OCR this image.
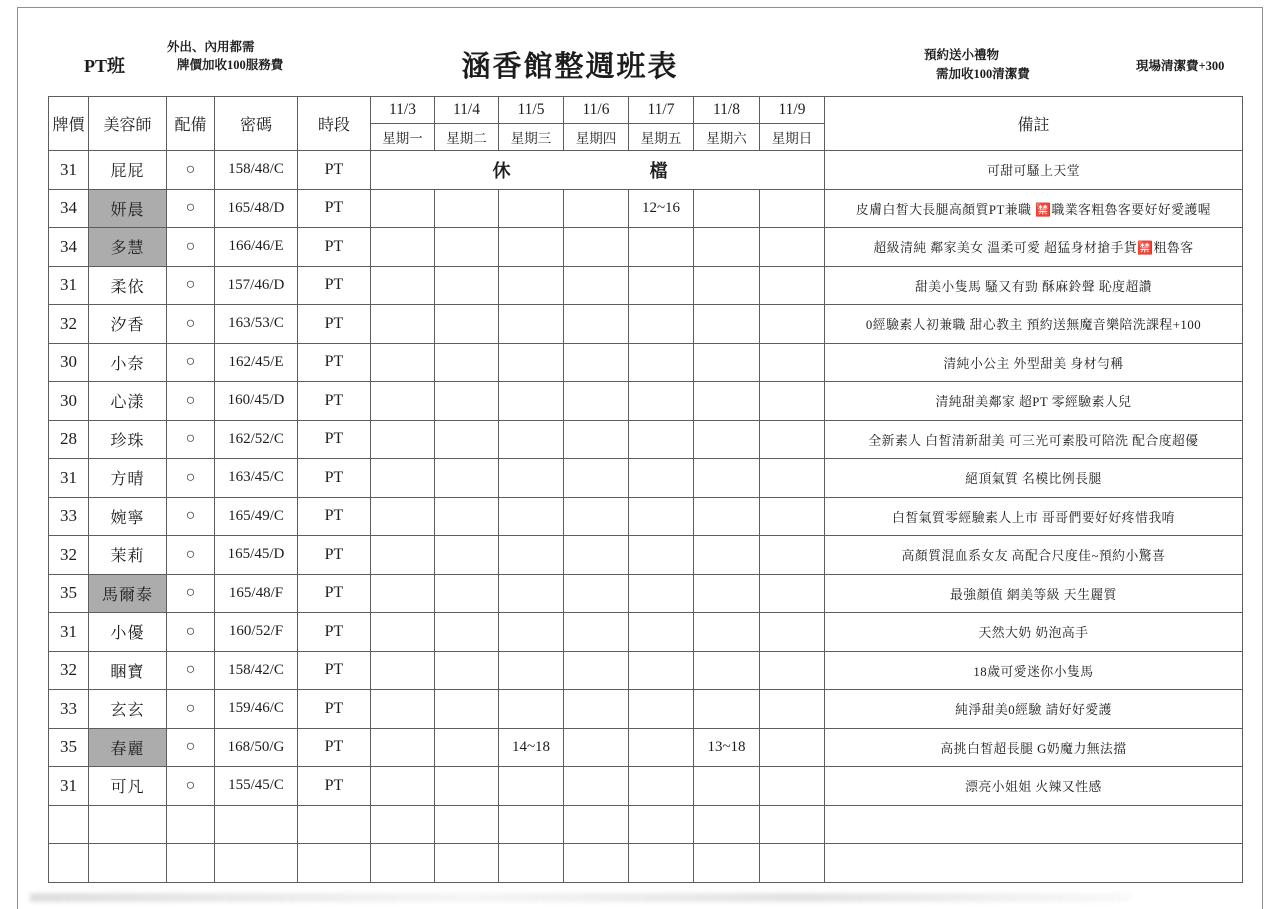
PT班
外出、內用都需
牌價加收100服務費	涵香館整週班表	預約送小禮物
需加收100清潔費
現場清潔費+300
牌價	美容師	配備	密碼	時段	11/3	11/4	11/5	11/6	11/7	11/8	11/9	備註
					星期一	星期二	星期三	星期四	星期五	星期六	星期日	
31	屁屁	○	158/48/C	PT	休 檔							可甜可騷上天堂
34	妍晨	○	165/48/D	PT					12~16			皮膚白皙大長腿高顏質PT兼職 🈲職業客粗魯客要好好愛護喔
34	多慧	○	166/46/E	PT								超級清純 鄰家美女 溫柔可愛 超猛身材搶手貨🈲粗魯客
31	柔依	○	157/46/D	PT								甜美小隻馬 騷又有勁 酥麻鈴聲 恥度超讚
32	汐香	○	163/53/C	PT								0經驗素人初兼職 甜心教主 預約送無魔音樂陪洗課程+100
30	小奈	○	162/45/E	PT								清純小公主 外型甜美 身材勻稱
30	心漾	○	160/45/D	PT								清純甜美鄰家 超PT 零經驗素人兒
28	珍珠	○	162/52/C	PT								全新素人 白皙清新甜美 可三光可素股可陪洗 配合度超優
31	方晴	○	163/45/C	PT								絕頂氣質 名模比例長腿
33	婉寧	○	165/49/C	PT								白皙氣質零經驗素人上市 哥哥們要好好疼惜我唷
32	茉莉	○	165/45/D	PT								高顏質混血系女友 高配合尺度佳~預約小驚喜
35	馬爾泰	○	165/48/F	PT								最強顏值 網美等級 天生麗質
31	小優	○	160/52/F	PT								天然大奶 奶泡高手
32	睏寶	○	158/42/C	PT								18歲可愛迷你小隻馬
33	玄玄	○	159/46/C	PT								純淨甜美0經驗 請好好愛護
35	春麗	○	168/50/G	PT			14~18			13~18		高挑白皙超長腿 G奶魔力無法擋
31	可凡	○	155/45/C	PT								漂亮小姐姐 火辣又性感
